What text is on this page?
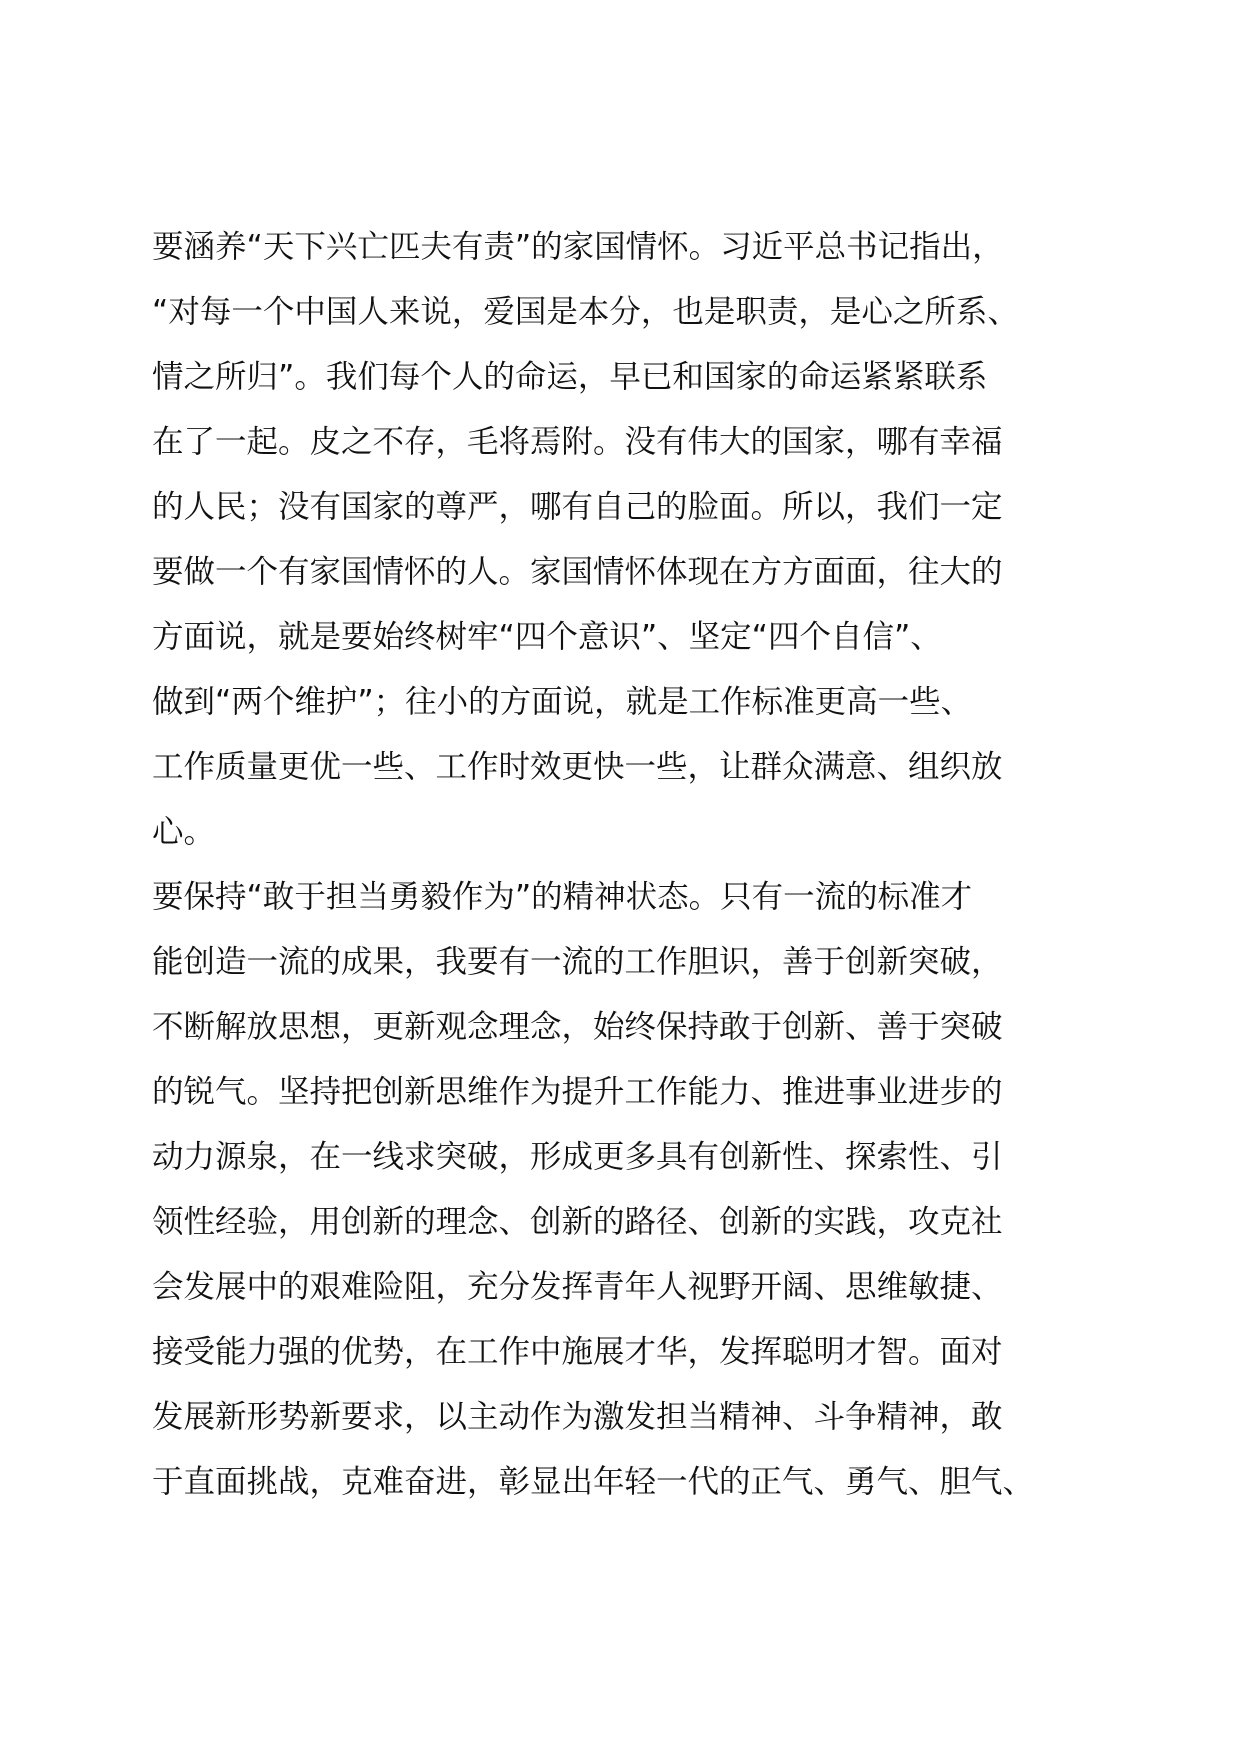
要涵养“天下兴亡匹夫有责”的家国情怀。习近平总书记指出，
“对每一个中国人来说，爱国是本分，也是职责，是心之所系、
情之所归”。我们每个人的命运，早已和国家的命运紧紧联系
在了一起。皮之不存，毛将焉附。没有伟大的国家，哪有幸福
的人民；没有国家的尊严，哪有自己的脸面。所以，我们一定
要做一个有家国情怀的人。家国情怀体现在方方面面，往大的
方面说，就是要始终树牢“四个意识”、坚定“四个自信”、
做到“两个维护”；往小的方面说，就是工作标准更高一些、
工作质量更优一些、工作时效更快一些，让群众满意、组织放
心。
要保持“敢于担当勇毅作为”的精神状态。只有一流的标准才
能创造一流的成果，我要有一流的工作胆识，善于创新突破，
不断解放思想，更新观念理念，始终保持敢于创新、善于突破
的锐气。坚持把创新思维作为提升工作能力、推进事业进步的
动力源泉，在一线求突破，形成更多具有创新性、探索性、引
领性经验，用创新的理念、创新的路径、创新的实践，攻克社
会发展中的艰难险阻，充分发挥青年人视野开阔、思维敏捷、
接受能力强的优势，在工作中施展才华，发挥聪明才智。面对
发展新形势新要求，以主动作为激发担当精神、斗争精神，敢
于直面挑战，克难奋进，彰显出年轻一代的正气、勇气、胆气、
